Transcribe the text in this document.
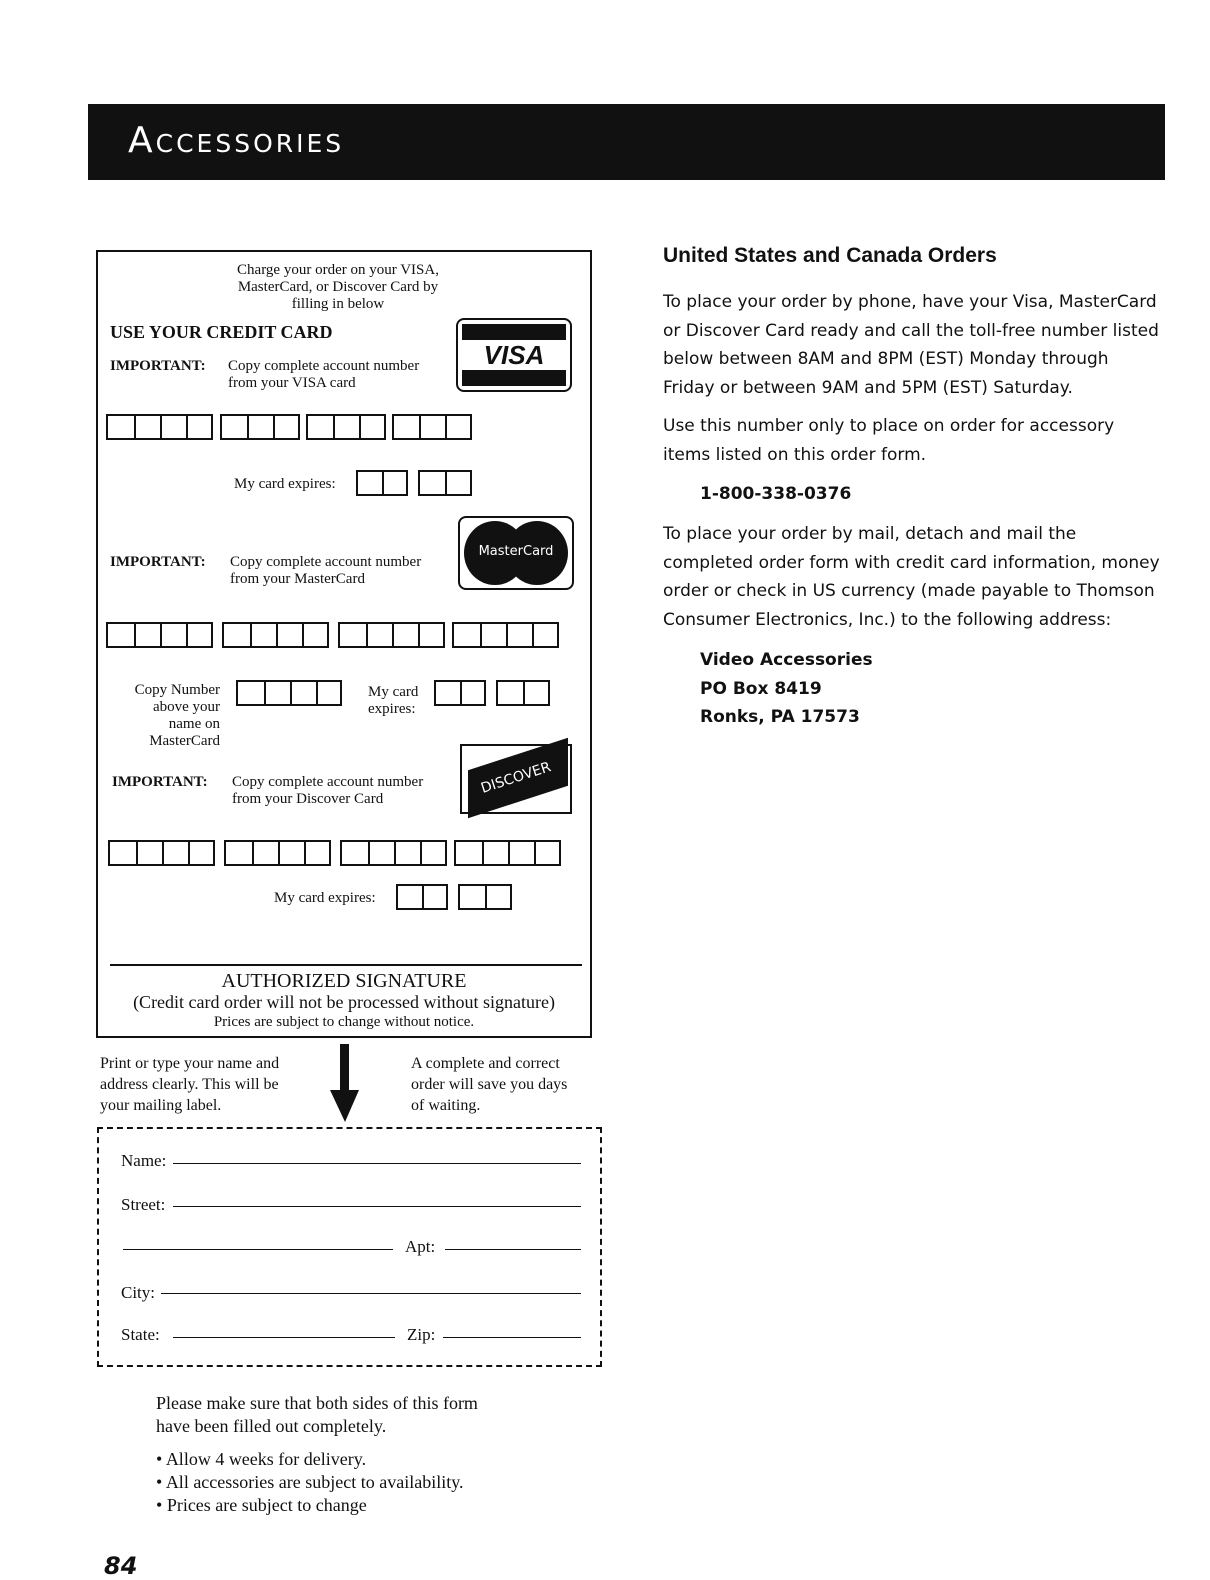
Accessories
Charge your order on your VISA,
MasterCard, or Discover Card by
filling in below
USE YOUR CREDIT CARD
IMPORTANT: Copy complete account number
from your VISA card
VISA
My card expires:
MasterCard
IMPORTANT: Copy complete account number
from your MasterCard
Copy Number
above your
name on
MasterCard
My card
expires:
DISCOVER
IMPORTANT: Copy complete account number
from your Discover Card
My card expires:
AUTHORIZED SIGNATURE
(Credit card order will not be processed without signature)
Prices are subject to change without notice.
Print or type your name and
address clearly. This will be
your mailing label.
A complete and correct
order will save you days
of waiting.
Name:
Street:
Apt:
City:
State:	Zip:
Please make sure that both sides of this form
have been filled out completely.
• Allow 4 weeks for delivery.
• All accessories are subject to availability.
• Prices are subject to change
United States and Canada Orders
To place your order by phone, have your Visa, MasterCard
or Discover Card ready and call the toll-free number listed
below between 8AM and 8PM (EST) Monday through
Friday or between 9AM and 5PM (EST) Saturday.
Use this number only to place on order for accessory
items listed on this order form.
1-800-338-0376
To place your order by mail, detach and mail the
completed order form with credit card information, money
order or check in US currency (made payable to Thomson
Consumer Electronics, Inc.) to the following address:
Video Accessories
PO Box 8419
Ronks, PA 17573
84
